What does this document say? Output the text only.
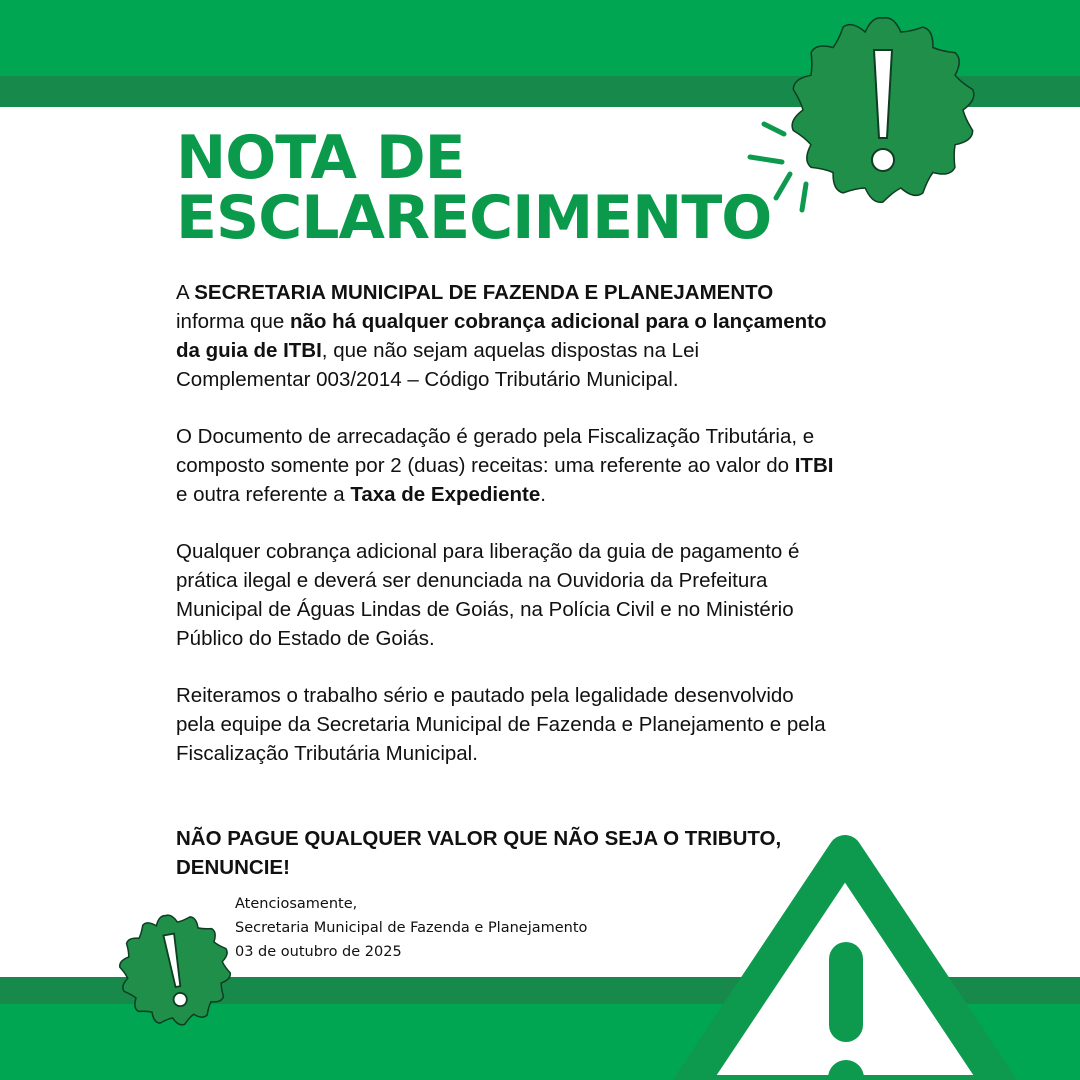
NOTA DE
ESCLARECIMENTO

A SECRETARIA MUNICIPAL DE FAZENDA E PLANEJAMENTO informa que não há qualquer cobrança adicional para o lançamento da guia de ITBI, que não sejam aquelas dispostas na Lei Complementar 003/2014 – Código Tributário Municipal.

O Documento de arrecadação é gerado pela Fiscalização Tributária, e composto somente por 2 (duas) receitas: uma referente ao valor do ITBI e outra referente a Taxa de Expediente.

Qualquer cobrança adicional para liberação da guia de pagamento é prática ilegal e deverá ser denunciada na Ouvidoria da Prefeitura Municipal de Águas Lindas de Goiás, na Polícia Civil e no Ministério Público do Estado de Goiás.

Reiteramos o trabalho sério e pautado pela legalidade desenvolvido pela equipe da Secretaria Municipal de Fazenda e Planejamento e pela Fiscalização Tributária Municipal.

NÃO PAGUE QUALQUER VALOR QUE NÃO SEJA O TRIBUTO,
DENUNCIE!
Atenciosamente,
Secretaria Municipal de Fazenda e Planejamento
03 de outubro de 2025
